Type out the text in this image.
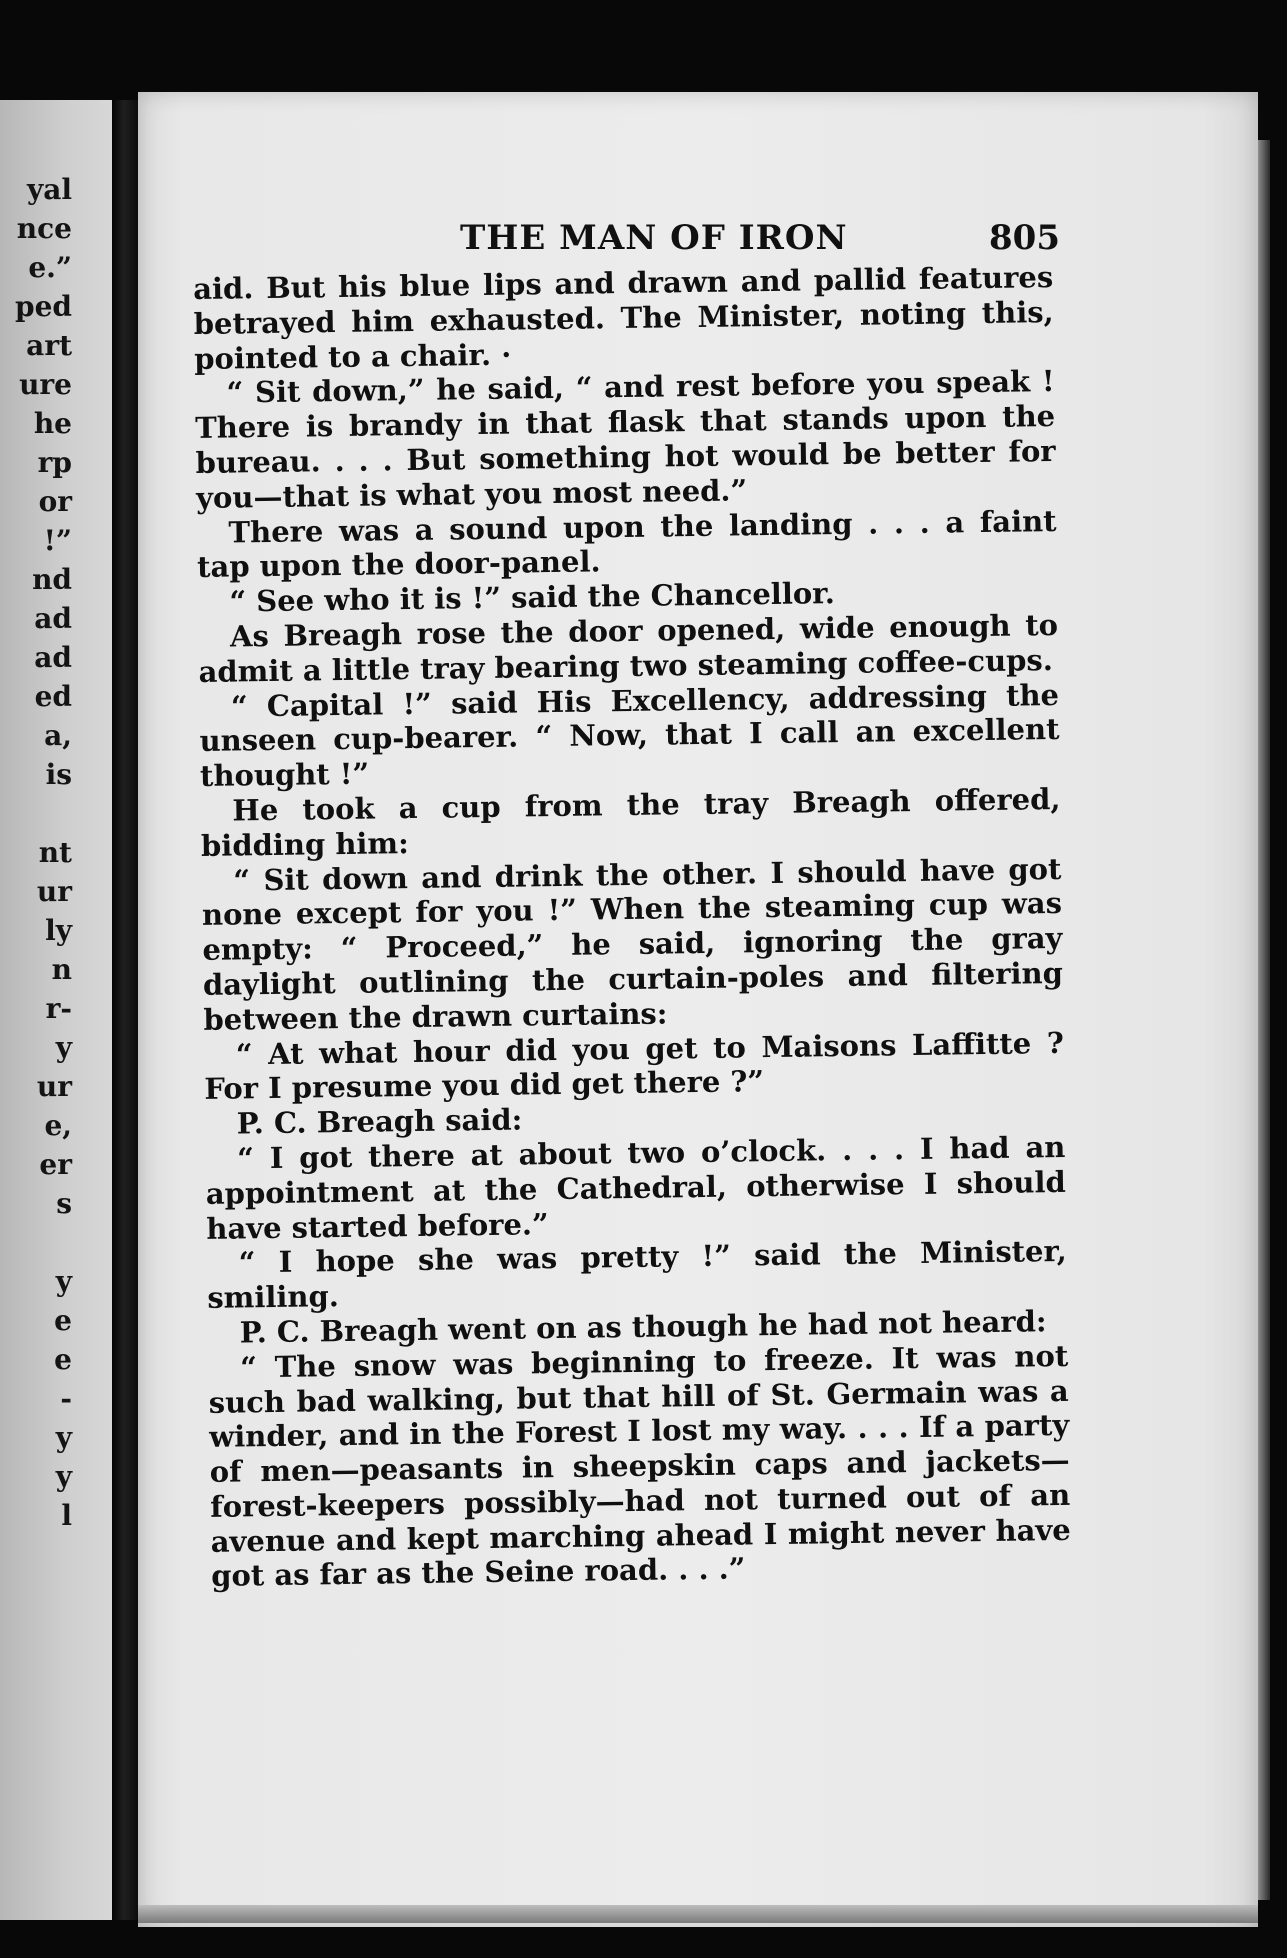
yal
nce
e.”
ped
art
ure
he
rp
or
!”
nd
ad
ad
ed
a,
is
nt
ur
ly
n
r-
y
ur
e,
er
s
y
e
e
-
y
y
l
THE MAN OF IRON	805

aid. But his blue lips and drawn and pallid features betrayed him exhausted. The Minister, noting this, pointed to a chair. ·

“ Sit down,” he said, “ and rest before you speak ! There is brandy in that flask that stands upon the bureau. . . . But something hot would be better for you—that is what you most need.”

There was a sound upon the landing . . . a faint tap upon the door-panel.

“ See who it is !” said the Chancellor.

As Breagh rose the door opened, wide enough to admit a little tray bearing two steaming coffee-cups.

“ Capital !” said His Excellency, addressing the unseen cup-bearer. “ Now, that I call an excellent thought !”

He took a cup from the tray Breagh offered, bidding him:

“ Sit down and drink the other. I should have got none except for you !” When the steaming cup was empty: “ Proceed,” he said, ignoring the gray daylight outlining the curtain-poles and filtering between the drawn curtains:

“ At what hour did you get to Maisons Laffitte ? For I presume you did get there ?”

P. C. Breagh said:

“ I got there at about two o’clock. . . . I had an appointment at the Cathedral, otherwise I should have started before.”

“ I hope she was pretty !” said the Minister, smiling.

P. C. Breagh went on as though he had not heard:

“ The snow was beginning to freeze. It was not such bad walking, but that hill of St. Germain was a winder, and in the Forest I lost my way. . . . If a party of men—peasants in sheepskin caps and jackets—forest-keepers possibly—had not turned out of an avenue and kept marching ahead I might never have got as far as the Seine road. . . .”
